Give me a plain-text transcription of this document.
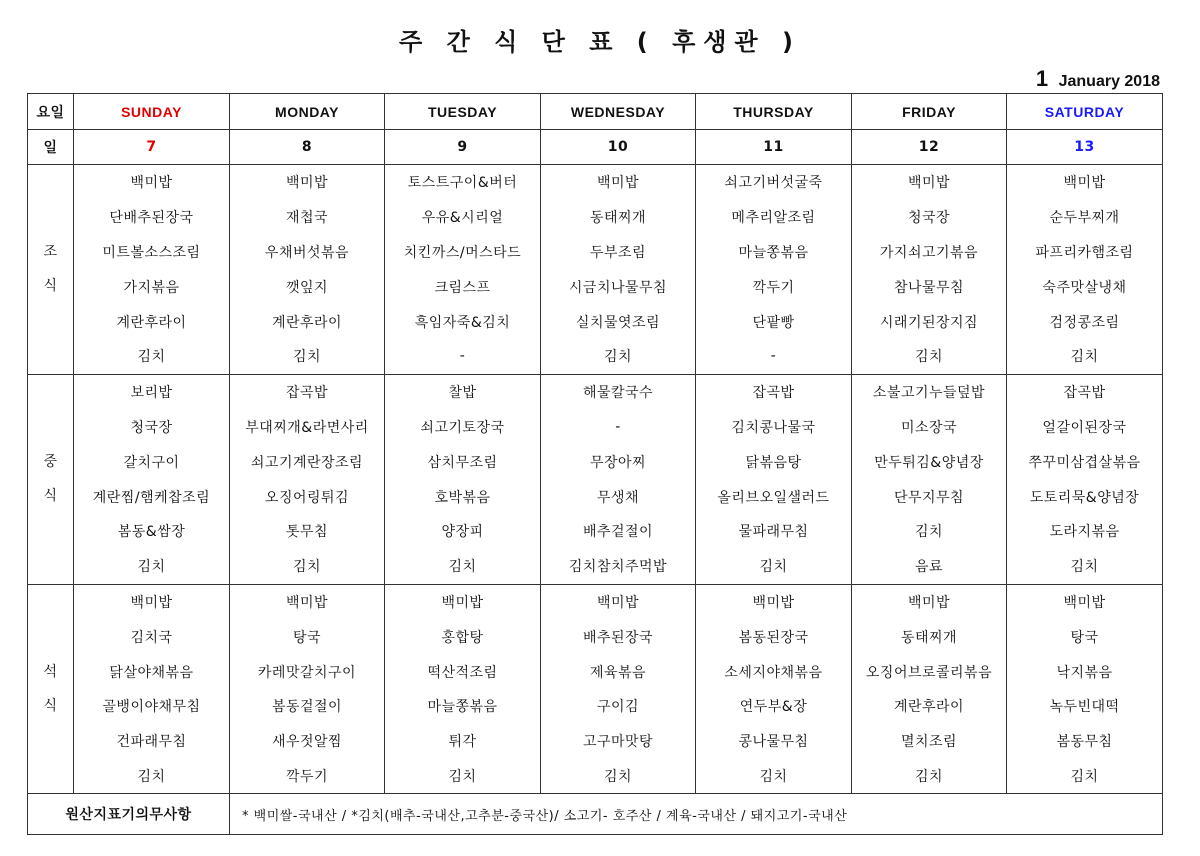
주 간 식 단 표 ( 후생관 )
1 January 2018
요일	SUNDAY	MONDAY	TUESDAY	WEDNESDAY	THURSDAY	FRIDAY	SATURDAY
일	7	8	9	10	11	12	13

조
식	백미밥	백미밥	토스트구이&버터	백미밥	쇠고기버섯굴죽	백미밥	백미밥
	단배추된장국	재첩국	우유&시리얼	동태찌개	메추리알조림	청국장	순두부찌개
	미트볼소스조림	우채버섯볶음	치킨까스/머스타드	두부조림	마늘쫑볶음	가지쇠고기볶음	파프리카햄조림
	가지볶음	깻잎지	크림스프	시금치나물무침	깍두기	참나물무침	숙주맛살냉채
	계란후라이	계란후라이	흑임자죽&김치	실치물엿조림	단팥빵	시래기된장지짐	검정콩조림
	김치	김치	-	김치	-	김치	김치

중
식	보리밥	잡곡밥	찰밥	해물칼국수	잡곡밥	소불고기누들덮밥	잡곡밥
	청국장	부대찌개&라면사리	쇠고기토장국	-	김치콩나물국	미소장국	얼갈이된장국
	갈치구이	쇠고기계란장조림	삼치무조림	무장아찌	닭볶음탕	만두튀김&양념장	쭈꾸미삼겹살볶음
	계란찜/햄케찹조림	오징어링튀김	호박볶음	무생채	올리브오일샐러드	단무지무침	도토리묵&양념장
	봄동&쌈장	톳무침	양장피	배추겉절이	물파래무침	김치	도라지볶음
	김치	김치	김치	김치참치주먹밥	김치	음료	김치

석
식	백미밥	백미밥	백미밥	백미밥	백미밥	백미밥	백미밥
	김치국	탕국	홍합탕	배추된장국	봄동된장국	동태찌개	탕국
	닭살야채볶음	카레맛갈치구이	떡산적조림	제육볶음	소세지야채볶음	오징어브로콜리볶음	낙지볶음
	골뱅이야채무침	봄동겉절이	마늘쫑볶음	구이김	연두부&장	계란후라이	녹두빈대떡
	건파래무침	새우젓알찜	튀각	고구마맛탕	콩나물무침	멸치조림	봄동무침
	김치	깍두기	김치	김치	김치	김치	김치
원산지표기의무사항		* 백미쌀-국내산 / *김치(배추-국내산,고추분-중국산)/ 소고기- 호주산 / 계육-국내산 / 돼지고기-국내산					
